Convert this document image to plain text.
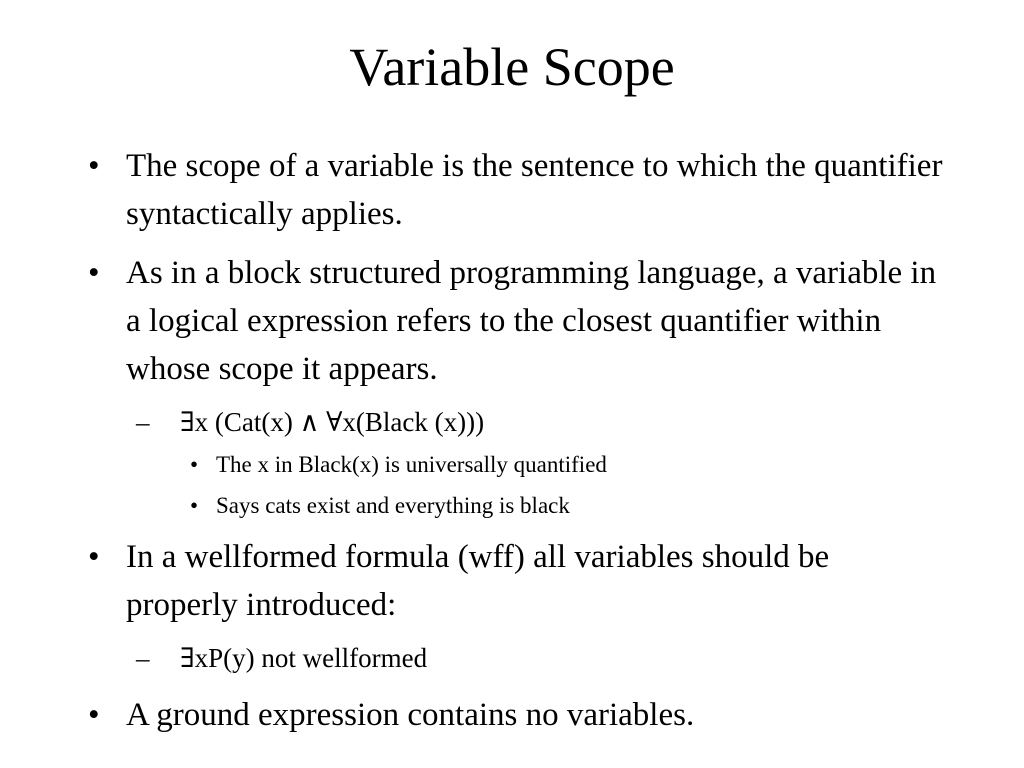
Variable Scope
• The scope of a variable is the sentence to which the quantifier syntactically applies.
• As in a block structured programming language, a variable in a logical expression refers to the closest quantifier within whose scope it appears.
– ∃x (Cat(x) ∧ ∀x(Black (x)))
• The x in Black(x) is universally quantified
• Says cats exist and everything is black
• In a wellformed formula (wff) all variables should be properly introduced:
– ∃xP(y) not wellformed
• A ground expression contains no variables.
